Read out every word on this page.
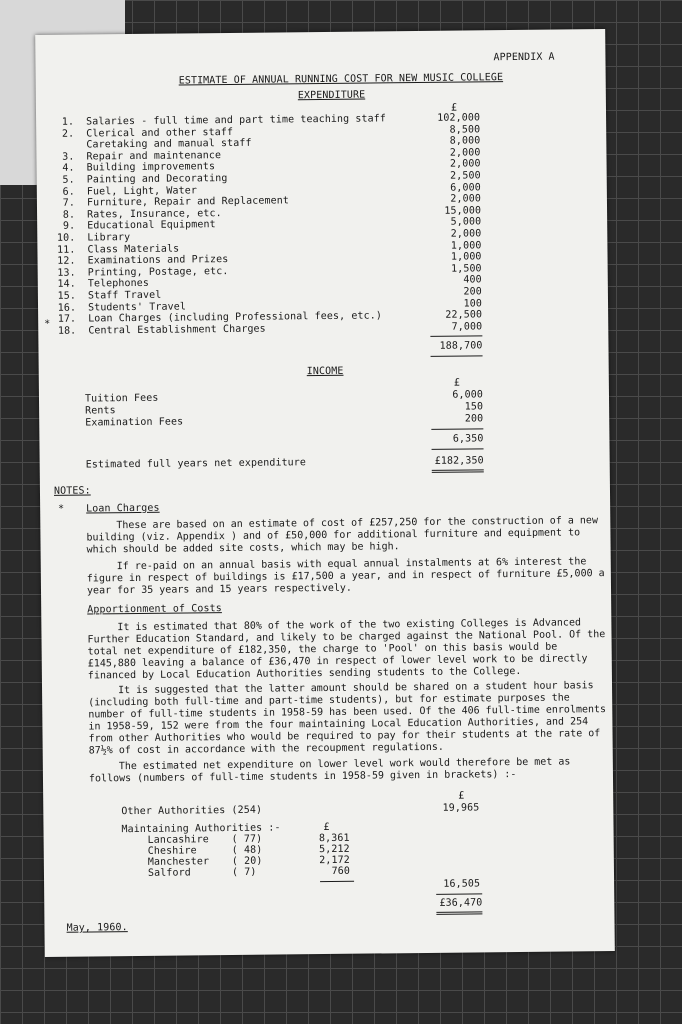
APPENDIX A
ESTIMATE OF ANNUAL RUNNING COST FOR NEW MUSIC COLLEGE
EXPENDITURE
£
1. Salaries - full time and part time teaching staff	102,000
2. Clerical and other staff	8,500
Caretaking and manual staff	8,000
3. Repair and maintenance	2,000
4. Building improvements	2,000
5. Painting and Decorating	2,500
6. Fuel, Light, Water	6,000
7. Furniture, Repair and Replacement	2,000
8. Rates, Insurance, etc.	15,000
9. Educational Equipment	5,000
10. Library	2,000
11. Class Materials	1,000
12. Examinations and Prizes	1,000
13. Printing, Postage, etc.	1,500
14. Telephones	400
15. Staff Travel	200
16. Students' Travel	100
17. Loan Charges (including Professional fees, etc.)	22,500
18. Central Establishment Charges	7,000
*
188,700
INCOME
£
Tuition Fees	6,000
Rents	150
Examination Fees	200
6,350
Estimated full years net expenditure	£182,350
NOTES:
* Loan Charges
These are based on an estimate of cost of £257,250 for the construction of a new building (viz. Appendix ) and of £50,000 for additional furniture and equipment to which should be added site costs, which may be high.
If re-paid on an annual basis with equal annual instalments at 6% interest the figure in respect of buildings is £17,500 a year, and in respect of furniture £5,000 a year for 35 years and 15 years respectively.
Apportionment of Costs
It is estimated that 80% of the work of the two existing Colleges is Advanced Further Education Standard, and likely to be charged against the National Pool. Of the total net expenditure of £182,350, the charge to 'Pool' on this basis would be £145,880 leaving a balance of £36,470 in respect of lower level work to be directly financed by Local Education Authorities sending students to the College.
It is suggested that the latter amount should be shared on a student hour basis (including both full-time and part-time students), but for estimate purposes the number of full-time students in 1958-59 has been used. Of the 406 full-time enrolments in 1958-59, 152 were from the four maintaining Local Education Authorities, and 254 from other Authorities who would be required to pay for their students at the rate of 87½% of cost in accordance with the recoupment regulations.
The estimated net expenditure on lower level work would therefore be met as follows (numbers of full-time students in 1958-59 given in brackets) :-
£
Other Authorities (254)	19,965
Maintaining Authorities :-	£
Lancashire ( 77)	8,361
Cheshire	( 48)	5,212
Manchester ( 20)	2,172
Salford	( 7)	760
16,505
£36,470
May, 1960.
